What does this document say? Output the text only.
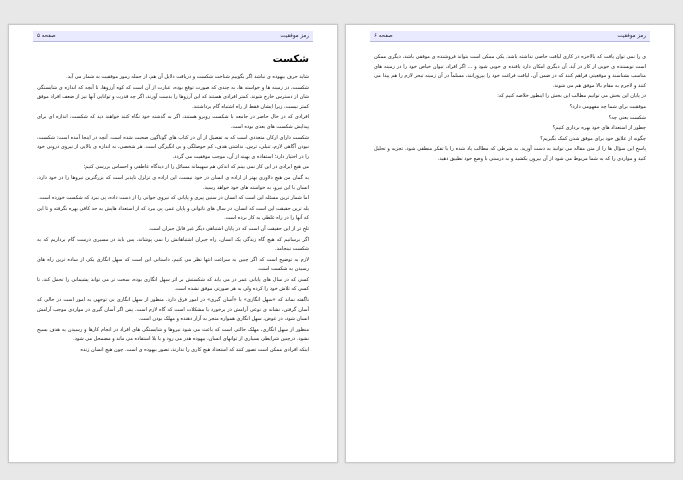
رمز موفقیت
صفحه ۵
شکست

شاید حرف بیهوده ی نباشد اگر بگوییم شناخت شکست و دریافت دلایل آن هم، از جمله رموز موفقیت به شمار می آید.

شکست، در زمینه ها و خواسته ها، به چندی که صورت توقع بوده، عبارت از آن است که کوه آرزوها، تا آنچه که اندازه ی شایستگی شان از دسترس خارج شوند. کمتر افرادی هستند که این آرزوها را بدست آورند، اگر چه قدرت و توانایی آنها نیز از ضعف افراد موفق کمتر نیست، زیرا ایشان فقط از راه اشتباه گام برداشتند.

افرادی که در حال حاضر در جامعه با شکست روبرو هستند، اگر به گذشته خود نگاه کنند خواهند دید که شکست، اندازه ای برای پیدایش شکست های بعدی بوده است.

شکست دارای ارکان متعددی است که به تفصیل از آن در کتاب های گوناگون صحبت شده است. آنچه در اینجا آمده است: شکست، نبودن آگاهی لازم، تنبلی، ترس، نداشتن هدف، کم حوصلگی و بی انگیزگی است. هر شخصی، به اندازه ی بالایی از نیروی درونی خود را در اختیار دارد؛ استفاده ی بهینه از آن، موجب موفقیت می گردد.

من هیچ ایرادی در این کار نمی بینم که اندکی هم سهیمانه مسائل را از دیدگاه عاطفی و احساس بررسی کنیم؛

به گمان من هیچ دلاوری بهتر از اراده ی انسان در خود نیست، این اراده ی تزلزل ناپذیر است که بزرگترین نیروها را در خود دارد، انسان با این نیرو، به خواسته های خود خواهد رسید.

اما شمار ترین مسئله این است که انسان در سنین پیری و پایانی که نیروی جوانی را از دست داده، پی ببرد که شکست خورده است.

بله ترین حقیقت این است که انسان، در سال های ناتوانی و پایان عمر، پی ببرد که از استعداد هایش به حد کافی بهره نگرفته و تا این که آنها را در راه غلطی به کار برده است.

تلخ تر از این حقیقت آن است که در پایان اشتباهی دیگر غیر قابل جبران است.

اگر برسانیم که هیچ گاه زندگی یک انسان، راه جبران اشتباهاتش را نمی پوشاند، پس باید در مسیری درست گام برداریم که به شکست نینجامد.

لازم به توضیح است که اگر چنین به سراغت انتها نظر می کنیم، داستانی این است که سهل انگاری یکی از ساده ترین راه های رسیدن به شکست است.

کسی که در سال های پایانی عمر در می یابد که شکستش بر اثر سهل انگاری بوده، سخت تر می تواند پشیمانی را تحمل کند، تا کسی که تلاش خود را کرده ولی به هر صورتی موفق نشده است.

ناگفته نماند که «سهل انگاری» با «آسان گیری» در امور فرق دارد. منظور از سهل انگاری بی توجهی به امور است در حالی که آسان گرفتن، نشانه ی نوعی آرامش در برخورد با مشکلات است که گاه لازم است. پس اگر آسان گیری در مواردی موجب آرامش انسان شود، در عوض، سهل انگاری همواره منجر به آزار دهنده و مهلک بودن است.

منظور از سهل انگاری، مهلک حالتی است که باعث می شود نیروها و شایستگی های افراد در انجام کارها و رسیدن به هدف بسیج نشود. درچنین شرایطی بسیاری از توانهای انسان، بیهوده هدر می رود و یا بلا استفاده می ماند و مضمحل می شود.

اینکه افرادی ممکن است تصور کنند که استعداد هیچ کاری را ندارند، تصور بیهوده ی است. چون هیچ انسان زنده

رمز موفقیت
صفحه ۶

ی را نمی توان یافت که بالاخره در کاری لیاقت خاصی نداشته باشد. یکی ممکن است بتواند فروشنده ی موفقی باشد، دیگری ممکن است نویسنده ی خوبی از کار در آید. آن دیگری امکان دارد بافنده ی خوبی شود و ... اگر افراد، تیوان خیاص خود را در زمینه های مناسب بشناسند و موقعیتی فراهم کنند که در ضمن آن، لیاقت فراغت خود را بپرورانند، مسلماً در آن زمینه تبحر لازم را هم پیدا می کنند و لاجرم به مقام بالا موفق هم می شوند.

در پایان این بخش می توانیم مطالب این بخش را اینطور خلاصه کنیم که:

موفقیت برای شما چه مفهومی دارد؟

شکست یعنی چه؟

چطور از استعداد های خود بهره برداری کنیم؟

چگونه از علایق خود برای موفق شدن کمک بگیریم؟

پاسخ این سؤال ها را از متن مقاله می توانید به دست آورید. به شرطی که مطالب یاد شده را با تفکر منطقی شود. تجزیه و تحلیل کنید و مواردی را که به شما مربوط می شود از آن بیرون بکشید و به درستی با وضع خود تطبیق دهید.
